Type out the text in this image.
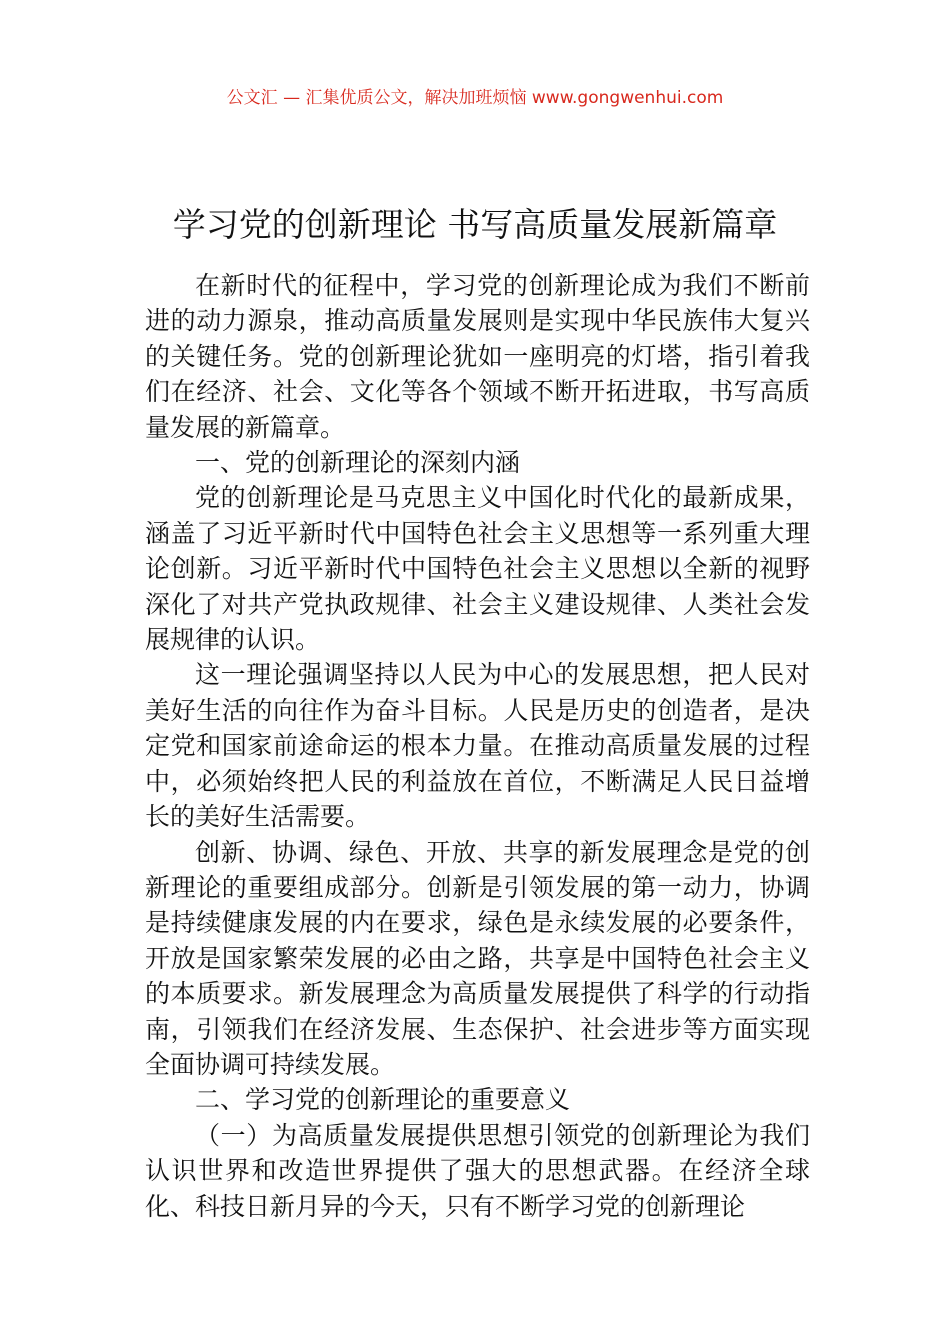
公文汇 — 汇集优质公文，解决加班烦恼 www.gongwenhui.com
学习党的创新理论 书写高质量发展新篇章

在新时代的征程中，学习党的创新理论成为我们不断前进的动力源泉，推动高质量发展则是实现中华民族伟大复兴的关键任务。党的创新理论犹如一座明亮的灯塔，指引着我们在经济、社会、文化等各个领域不断开拓进取，书写高质量发展的新篇章。

一、党的创新理论的深刻内涵

党的创新理论是马克思主义中国化时代化的最新成果，涵盖了习近平新时代中国特色社会主义思想等一系列重大理论创新。习近平新时代中国特色社会主义思想以全新的视野深化了对共产党执政规律、社会主义建设规律、人类社会发展规律的认识。

这一理论强调坚持以人民为中心的发展思想，把人民对美好生活的向往作为奋斗目标。人民是历史的创造者，是决定党和国家前途命运的根本力量。在推动高质量发展的过程中，必须始终把人民的利益放在首位，不断满足人民日益增长的美好生活需要。

创新、协调、绿色、开放、共享的新发展理念是党的创新理论的重要组成部分。创新是引领发展的第一动力，协调是持续健康发展的内在要求，绿色是永续发展的必要条件，开放是国家繁荣发展的必由之路，共享是中国特色社会主义的本质要求。新发展理念为高质量发展提供了科学的行动指南，引领我们在经济发展、生态保护、社会进步等方面实现全面协调可持续发展。

二、学习党的创新理论的重要意义

（一）为高质量发展提供思想引领党的创新理论为我们认识世界和改造世界提供了强大的思想武器。在经济全球化、科技日新月异的今天，只有不断学习党的创新理论
